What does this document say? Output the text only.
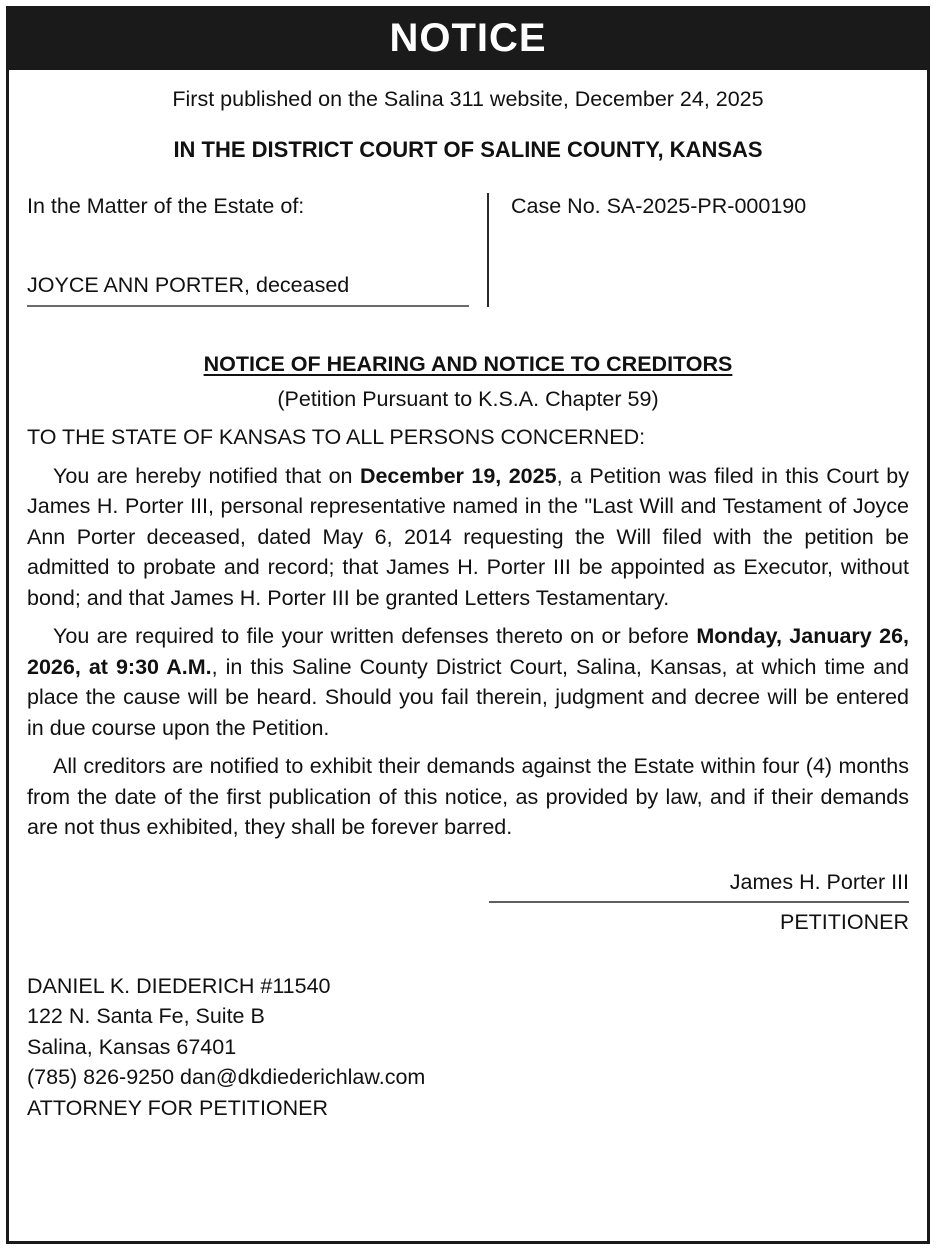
NOTICE
First published on the Salina 311 website, December 24, 2025
IN THE DISTRICT COURT OF SALINE COUNTY, KANSAS
In the Matter of the Estate of:
JOYCE ANN PORTER, deceased
Case No. SA-2025-PR-000190
NOTICE OF HEARING AND NOTICE TO CREDITORS
(Petition Pursuant to K.S.A. Chapter 59)
TO THE STATE OF KANSAS TO ALL PERSONS CONCERNED:
You are hereby notified that on December 19, 2025, a Petition was filed in this Court by James H. Porter III, personal representative named in the "Last Will and Testament of Joyce Ann Porter deceased, dated May 6, 2014 requesting the Will filed with the petition be admitted to probate and record; that James H. Porter III be appointed as Executor, without bond; and that James H. Porter III be granted Letters Testamentary.
You are required to file your written defenses thereto on or before Monday, January 26, 2026, at 9:30 A.M., in this Saline County District Court, Salina, Kansas, at which time and place the cause will be heard. Should you fail therein, judgment and decree will be entered in due course upon the Petition.
All creditors are notified to exhibit their demands against the Estate within four (4) months from the date of the first publication of this notice, as provided by law, and if their demands are not thus exhibited, they shall be forever barred.
James H. Porter III
PETITIONER
DANIEL K. DIEDERICH #11540
122 N. Santa Fe, Suite B
Salina, Kansas 67401
(785) 826-9250 dan@dkdiederichlaw.com
ATTORNEY FOR PETITIONER
